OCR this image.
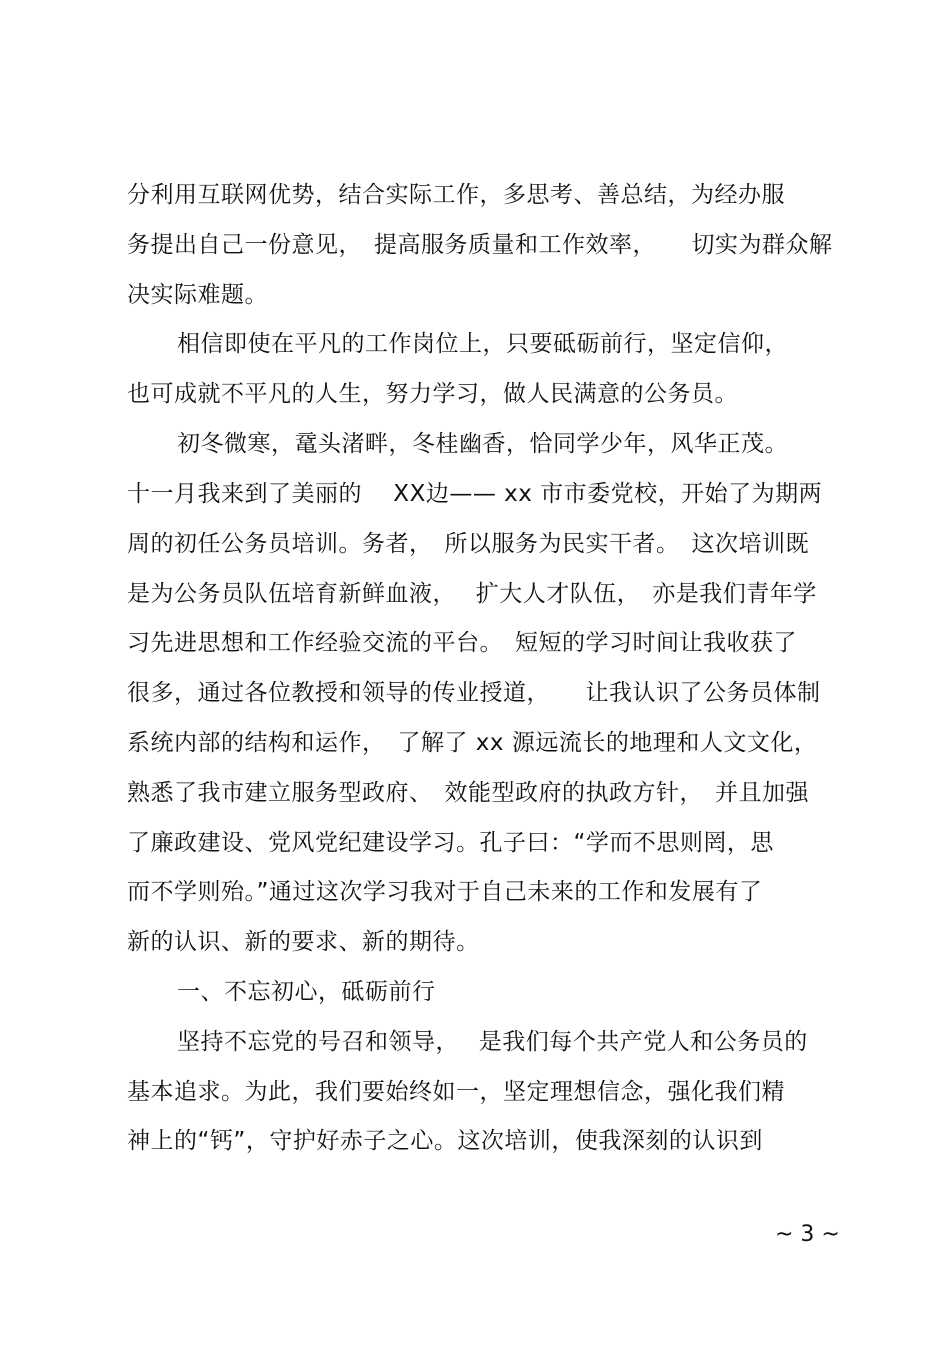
分利用互联网优势，结合实际工作，多思考、善总结，为经办服
务提出自己一份意见，　提高服务质量和工作效率，　　切实为群众解
决实际难题。
相信即使在平凡的工作岗位上，只要砥砺前行，坚定信仰，
也可成就不平凡的人生，努力学习，做人民满意的公务员。
初冬微寒，鼋头渚畔，冬桂幽香，恰同学少年，风华正茂。
十一月我来到了美丽的　 XX边—— xx 市市委党校，开始了为期两
周的初任公务员培训。务者，　所以服务为民实干者。　这次培训既
是为公务员队伍培育新鲜血液，　 扩大人才队伍，　亦是我们青年学
习先进思想和工作经验交流的平台。　短短的学习时间让我收获了
很多，通过各位教授和领导的传业授道，　　让我认识了公务员体制
系统内部的结构和运作，　了解了 xx 源远流长的地理和人文文化，
熟悉了我市建立服务型政府、　效能型政府的执政方针，　并且加强
了廉政建设、党风党纪建设学习。孔子曰：“学而不思则罔，思
而不学则殆。”通过这次学习我对于自己未来的工作和发展有了
新的认识、新的要求、新的期待。
一、不忘初心，砥砺前行
坚持不忘党的号召和领导，　 是我们每个共产党人和公务员的
基本追求。为此，我们要始终如一，坚定理想信念，强化我们精
神上的“钙”，守护好赤子之心。这次培训，使我深刻的认识到
~ 3 ~
